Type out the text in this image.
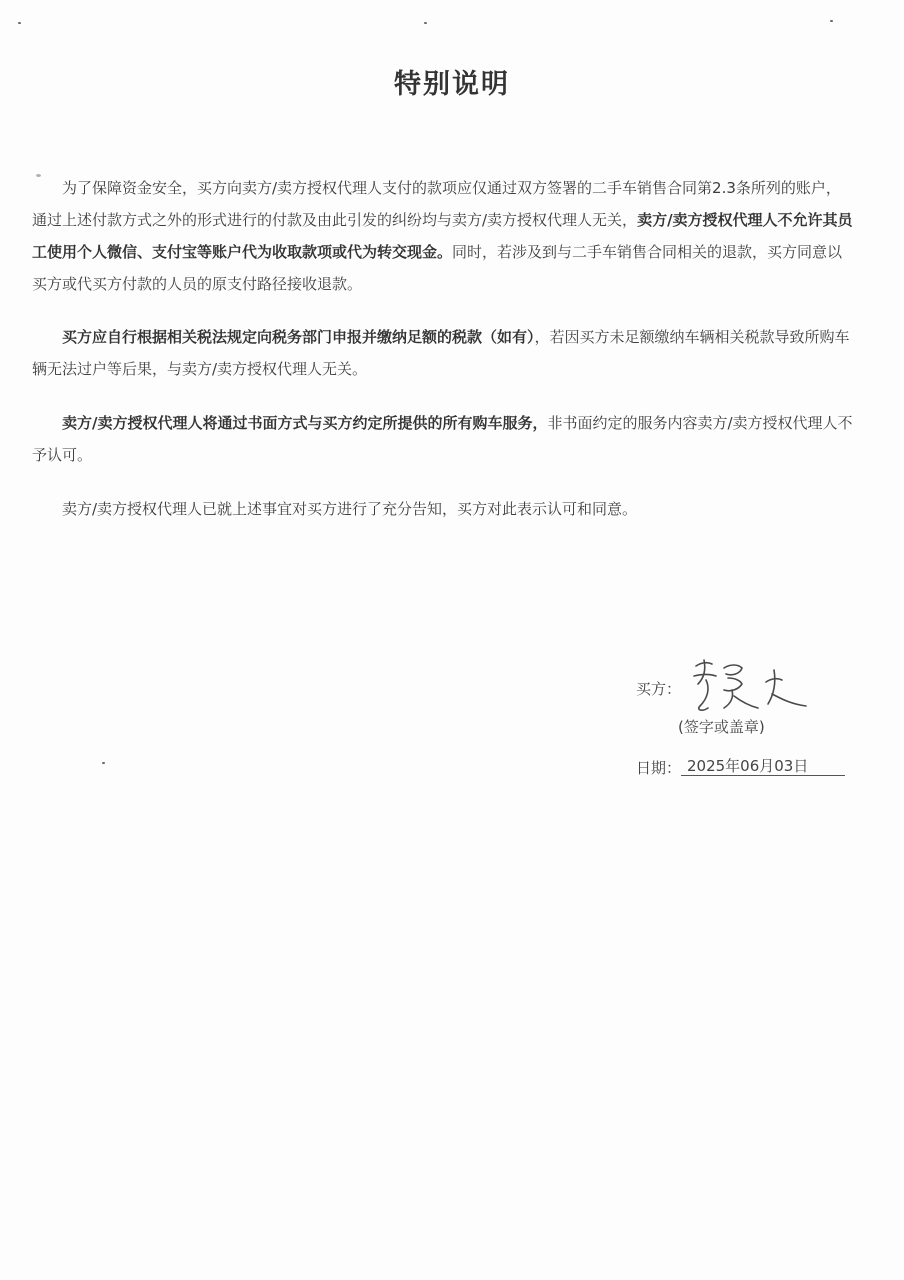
特别说明

为了保障资金安全，买方向卖方/卖方授权代理人支付的款项应仅通过双方签署的二手车销售合同第2.3条所列的账户，通过上述付款方式之外的形式进行的付款及由此引发的纠纷均与卖方/卖方授权代理人无关，卖方/卖方授权代理人不允许其员工使用个人微信、支付宝等账户代为收取款项或代为转交现金。同时，若涉及到与二手车销售合同相关的退款，买方同意以买方或代买方付款的人员的原支付路径接收退款。

买方应自行根据相关税法规定向税务部门申报并缴纳足额的税款（如有），若因买方未足额缴纳车辆相关税款导致所购车辆无法过户等后果，与卖方/卖方授权代理人无关。

卖方/卖方授权代理人将通过书面方式与买方约定所提供的所有购车服务，非书面约定的服务内容卖方/卖方授权代理人不予认可。

卖方/卖方授权代理人已就上述事宜对买方进行了充分告知，买方对此表示认可和同意。

买方：
(签字或盖章)
日期： 2025年06月03日
